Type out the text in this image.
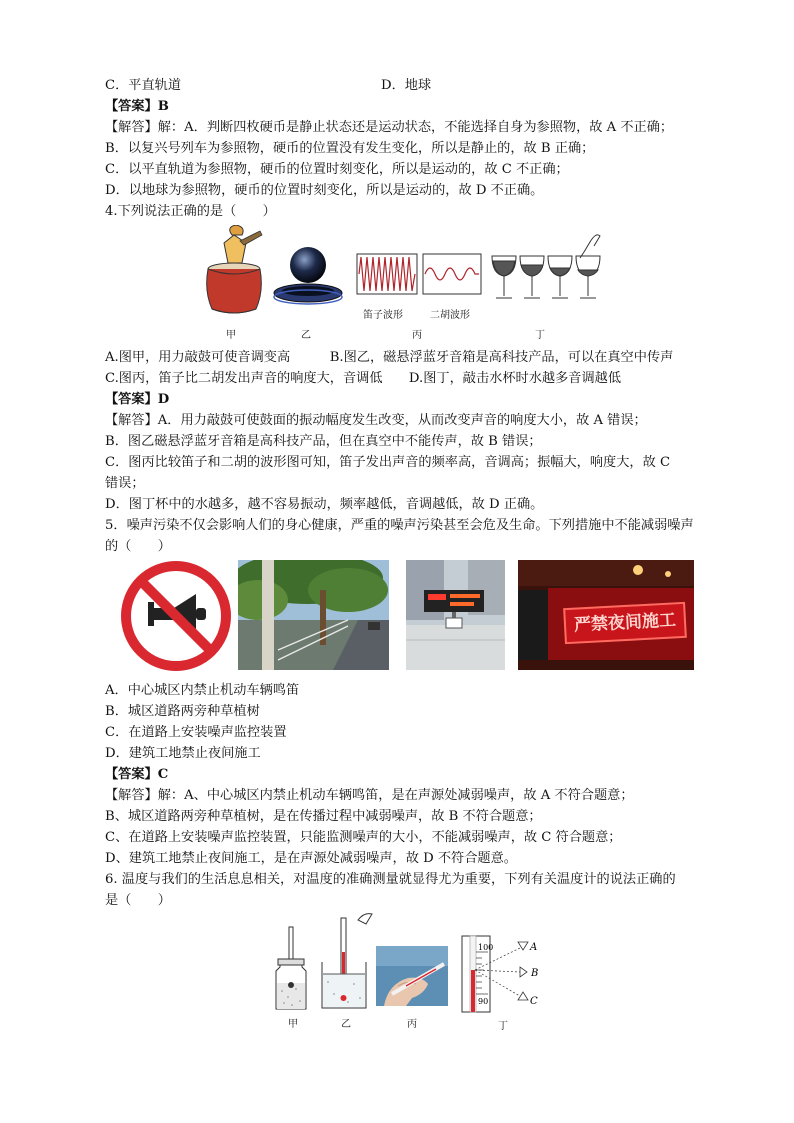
C．平直轨道	D．地球
【答案】B
【解答】解：A．判断四枚硬币是静止状态还是运动状态，不能选择自身为参照物，故 A 不正确；
B．以复兴号列车为参照物，硬币的位置没有发生变化，所以是静止的，故 B 正确；
C．以平直轨道为参照物，硬币的位置时刻变化，所以是运动的，故 C 不正确；
D．以地球为参照物，硬币的位置时刻变化，所以是运动的，故 D 不正确。
4.下列说法正确的是（　　）
甲	乙
笛子波形	二胡波形
丙	丁
A.图甲，用力敲鼓可使音调变高　　　B.图乙，磁悬浮蓝牙音箱是高科技产品，可以在真空中传声
C.图丙，笛子比二胡发出声音的响度大，音调低　　D.图丁，敲击水杯时水越多音调越低
【答案】D
【解答】A．用力敲鼓可使鼓面的振动幅度发生改变，从而改变声音的响度大小，故 A 错误；
B．图乙磁悬浮蓝牙音箱是高科技产品，但在真空中不能传声，故 B 错误；
C．图丙比较笛子和二胡的波形图可知，笛子发出声音的频率高，音调高；振幅大，响度大，故 C
错误；
D．图丁杯中的水越多，越不容易振动，频率越低，音调越低，故 D 正确。
5．噪声污染不仅会影响人们的身心健康，严重的噪声污染甚至会危及生命。下列措施中不能减弱噪声
的（　　）
严禁夜间施工
A．中心城区内禁止机动车辆鸣笛
B．城区道路两旁种草植树
C．在道路上安装噪声监控装置
D．建筑工地禁止夜间施工
【答案】C
【解答】解：A、中心城区内禁止机动车辆鸣笛，是在声源处减弱噪声，故 A 不符合题意；
B、城区道路两旁种草植树，是在传播过程中减弱噪声，故 B 不符合题意；
C、在道路上安装噪声监控装置，只能监测噪声的大小，不能减弱噪声，故 C 符合题意；
D、建筑工地禁止夜间施工，是在声源处减弱噪声，故 D 不符合题意。
6. 温度与我们的生活息息相关，对温度的准确测量就显得尤为重要，下列有关温度计的说法正确的
是（　　）
甲	乙	丙
100
90
A
B
C
丁
